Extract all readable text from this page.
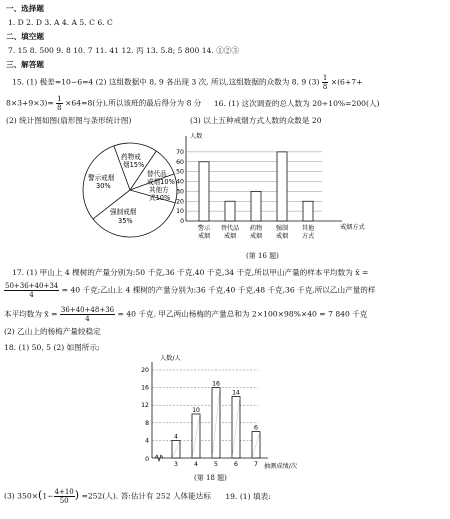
一、选择题
1. D 2. D 3. A 4. A 5. C 6. C
二、填空题
7. 15 8. 500 9. 8 10. 7 11. 41 12. 丙 13. 5.8; 5 800 14. ①②③
三、解答题
15. (1) 极差=10−6=4 (2) 这组数据中 8, 9 各出现 3 次, 所以,这组数据的众数为 8, 9 $(3) \frac{1}{8} \times(6+7+$
$8\times 3+9\times 3)= \frac{1}{8} \times 64=8$(分),所以该班的最后得分为 8 分 16. (1) 这次调查的总人数为 20÷10%=200(人)
(2) 统计图如图(扇形图与条形统计图)	(3) 以上五种戒烟方式人数的众数是 20
药物戒
烟15%
警示戒烟
30%
替代品
戒烟10%
其他方
式10%
强制戒烟
35%
10
20
30
40
50
60
70
0
警示
戒烟
替代品
戒烟
药物
戒烟
强制
戒烟
其他
方式
人数
戒烟方式
(第 16 题)
17. (1) 甲山上 4 棵树的产量分别为:50 千克,36 千克,40 千克,34 千克,所以甲山产量的样本平均数为 x̄ =
$\frac{50+36+40+34}{4} = 40$ 千克;乙山上 4 棵树的产量分别为:36 千克,40 千克,48 千克,36 千克,所以乙山产量的样
本平均数为 x̄ = $\frac{36+40+48+36}{4} = 40$ 千克. 甲乙两山杨梅的产量总和为 2×100×98%×40 = 7 840 千克
(2) 乙山上的杨梅产量较稳定
18. (1) 50, 5 (2) 如图所示;
4
8
12
16
20
0
4
3
10
4
16
5
14
6
6
7
人数/人
抽测成绩/次
(第 18 题)
(3) $350\times(1- \frac{4+10}{50}$ ) =252(人). 答:估计有 252 人体能达标 19. (1) 填表:
